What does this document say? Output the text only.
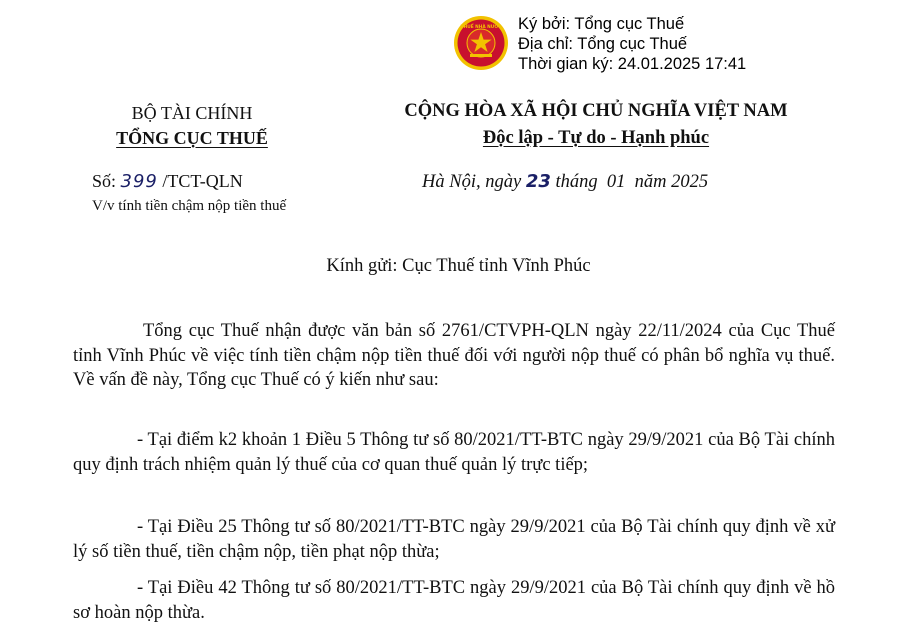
THUẾ NHÀ NƯỚC Ký bởi: Tổng cục Thuế
Địa chỉ: Tổng cục Thuế
Thời gian ký: 24.01.2025 17:41
BỘ TÀI CHÍNH
TỔNG CỤC THUẾ
CỘNG HÒA XÃ HỘI CHỦ NGHĨA VIỆT NAM
Độc lập - Tự do - Hạnh phúc
Số: 399 /TCT-QLN
V/v tính tiền chậm nộp tiền thuế
Hà Nội, ngày 23 tháng  01  năm 2025
Kính gửi: Cục Thuế tỉnh Vĩnh Phúc
Tổng cục Thuế nhận được văn bản số 2761/CTVPH-QLN ngày 22/11/2024 của Cục Thuế tỉnh Vĩnh Phúc về việc tính tiền chậm nộp tiền thuế đối với người nộp thuế có phân bổ nghĩa vụ thuế. Về vấn đề này, Tổng cục Thuế có ý kiến như sau:
- Tại điểm k2 khoản 1 Điều 5 Thông tư số 80/2021/TT-BTC ngày 29/9/2021 của Bộ Tài chính quy định trách nhiệm quản lý thuế của cơ quan thuế quản lý trực tiếp;
- Tại Điều 25 Thông tư số 80/2021/TT-BTC ngày 29/9/2021 của Bộ Tài chính quy định về xử lý số tiền thuế, tiền chậm nộp, tiền phạt nộp thừa;
- Tại Điều 42 Thông tư số 80/2021/TT-BTC ngày 29/9/2021 của Bộ Tài chính quy định về hồ sơ hoàn nộp thừa.
